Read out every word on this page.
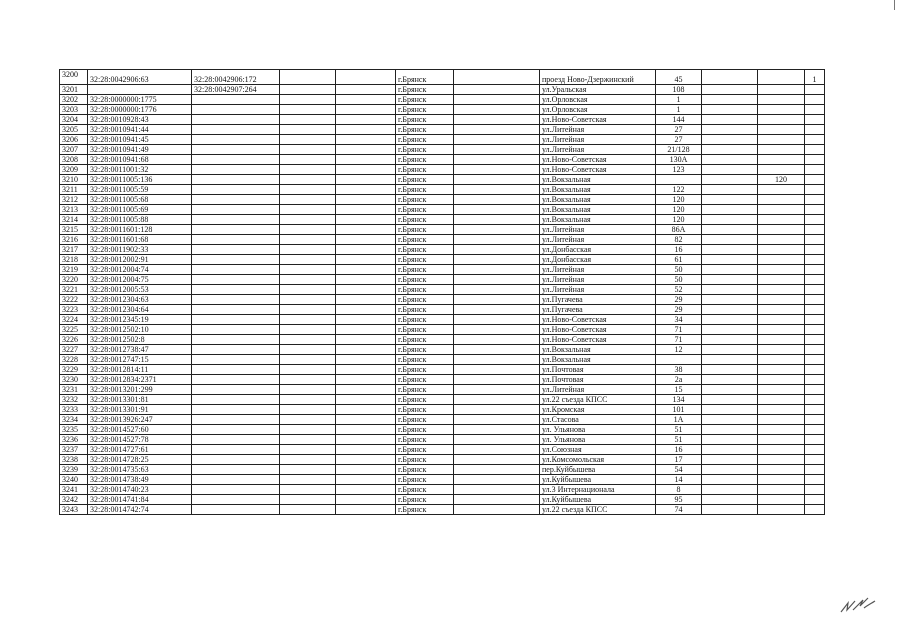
3200	32:28:0042906:63	32:28:0042906:172			г.Брянск		проезд Ново-Дзержинский	45			1
3201		32:28:0042907:264			г.Брянск		ул.Уральская	108			
3202	32:28:0000000:1775				г.Брянск		ул.Орловская	1			
3203	32:28:0000000:1776				г.Брянск		ул.Орловская	1			
3204	32:28:0010928:43				г.Брянск		ул.Ново-Советская	144			
3205	32:28:0010941:44				г.Брянск		ул.Литейная	27			
3206	32:28:0010941:45				г.Брянск		ул.Литейная	27			
3207	32:28:0010941:49				г.Брянск		ул.Литейная	21/128			
3208	32:28:0010941:68				г.Брянск		ул.Ново-Советская	130А			
3209	32:28:0011001:32				г.Брянск		ул.Ново-Советская	123			
3210	32:28:0011005:136				г.Брянск		ул.Вокзальная			120	
3211	32:28:0011005:59				г.Брянск		ул.Вокзальная	122			
3212	32:28:0011005:68				г.Брянск		ул.Вокзальная	120			
3213	32:28:0011005:69				г.Брянск		ул.Вокзальная	120			
3214	32:28:0011005:88				г.Брянск		ул.Вокзальная	120			
3215	32:28:0011601:128				г.Брянск		ул.Литейная	86А			
3216	32:28:0011601:68				г.Брянск		ул.Литейная	82			
3217	32:28:0011902:33				г.Брянск		ул.Донбасская	16			
3218	32:28:0012002:91				г.Брянск		ул.Донбасская	61			
3219	32:28:0012004:74				г.Брянск		ул.Литейная	50			
3220	32:28:0012004:75				г.Брянск		ул.Литейная	50			
3221	32:28:0012005:53				г.Брянск		ул.Литейная	52			
3222	32:28:0012304:63				г.Брянск		ул.Пугачева	29			
3223	32:28:0012304:64				г.Брянск		ул.Пугачева	29			
3224	32:28:0012345:19				г.Брянск		ул.Ново-Советская	34			
3225	32:28:0012502:10				г.Брянск		ул.Ново-Советская	71			
3226	32:28:0012502:8				г.Брянск		ул.Ново-Советская	71			
3227	32:28:0012738:47				г.Брянск		ул.Вокзальная	12			
3228	32:28:0012747:15				г.Брянск		ул.Вокзальная				
3229	32:28:0012814:11				г.Брянск		ул.Почтовая	38			
3230	32:28:0012834:2371				г.Брянск		ул.Почтовая	2а			
3231	32:28:0013201:299				г.Брянск		ул.Литейная	15			
3232	32:28:0013301:81				г.Брянск		ул.22 съезда КПСС	134			
3233	32:28:0013301:91				г.Брянск		ул.Кромская	101			
3234	32:28:0013926:247				г.Брянск		ул.Стасова	1А			
3235	32:28:0014527:60				г.Брянск		ул. Ульянова	51			
3236	32:28:0014527:78				г.Брянск		ул. Ульянова	51			
3237	32:28:0014727:61				г.Брянск		ул.Союзная	16			
3238	32:28:0014728:25				г.Брянск		ул.Комсомольская	17			
3239	32:28:0014735:63				г.Брянск		пер.Куйбышева	54			
3240	32:28:0014738:49				г.Брянск		ул.Куйбышева	14			
3241	32:28:0014740:23				г.Брянск		ул.3 Интернационала	8			
3242	32:28:0014741:84				г.Брянск		ул.Куйбышева	95			
3243	32:28:0014742:74				г.Брянск		ул.22 съезда КПСС	74			
